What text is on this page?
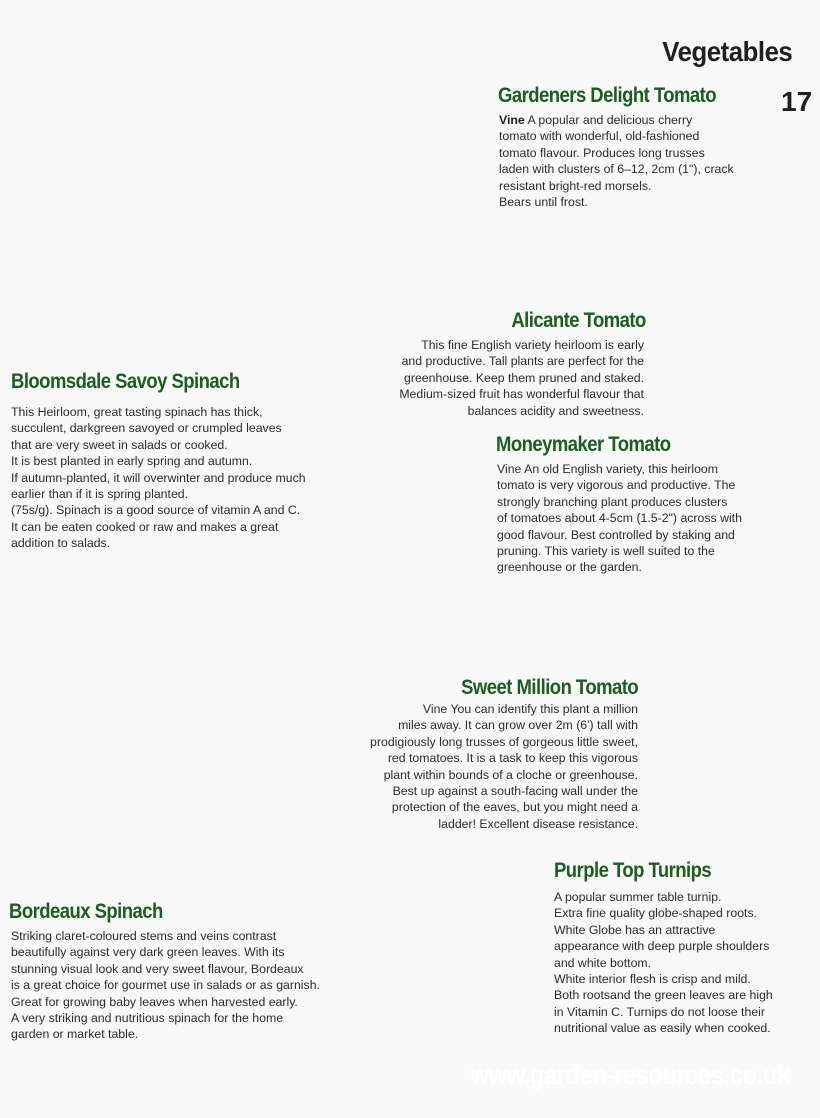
Vegetables
17
Gardeners Delight Tomato
Vine A popular and delicious cherry
tomato with wonderful, old-fashioned
tomato flavour. Produces long trusses
laden with clusters of 6–12, 2cm (1"), crack
resistant bright-red morsels.
Bears until frost.
Alicante Tomato
This fine English variety heirloom is early
and productive. Tall plants are perfect for the
greenhouse. Keep them pruned and staked.
Medium-sized fruit has wonderful flavour that
balances acidity and sweetness.
Bloomsdale Savoy Spinach
This Heirloom, great tasting spinach has thick,
succulent, darkgreen savoyed or crumpled leaves
that are very sweet in salads or cooked.
It is best planted in early spring and autumn.
If autumn-planted, it will overwinter and produce much
earlier than if it is spring planted.
(75s/g). Spinach is a good source of vitamin A and C.
It can be eaten cooked or raw and makes a great
addition to salads.
Moneymaker Tomato
Vine An old English variety, this heirloom
tomato is very vigorous and productive. The
strongly branching plant produces clusters
of tomatoes about 4-5cm (1.5-2") across with
good flavour. Best controlled by staking and
pruning. This variety is well suited to the
greenhouse or the garden.
Sweet Million Tomato
Vine You can identify this plant a million
miles away. It can grow over 2m (6') tall with
prodigiously long trusses of gorgeous little sweet,
red tomatoes. It is a task to keep this vigorous
plant within bounds of a cloche or greenhouse.
Best up against a south-facing wall under the
protection of the eaves, but you might need a
ladder! Excellent disease resistance.
Purple Top Turnips
A popular summer table turnip.
Extra fine quality globe-shaped roots.
White Globe has an attractive
appearance with deep purple shoulders
and white bottom.
White interior flesh is crisp and mild.
Both rootsand the green leaves are high
in Vitamin C. Turnips do not loose their
nutritional value as easily when cooked.
Bordeaux Spinach
Striking claret-coloured stems and veins contrast
beautifully against very dark green leaves. With its
stunning visual look and very sweet flavour, Bordeaux
is a great choice for gourmet use in salads or as garnish.
Great for growing baby leaves when harvested early.
A very striking and nutritious spinach for the home
garden or market table.
www.garden-resources.co.uk
